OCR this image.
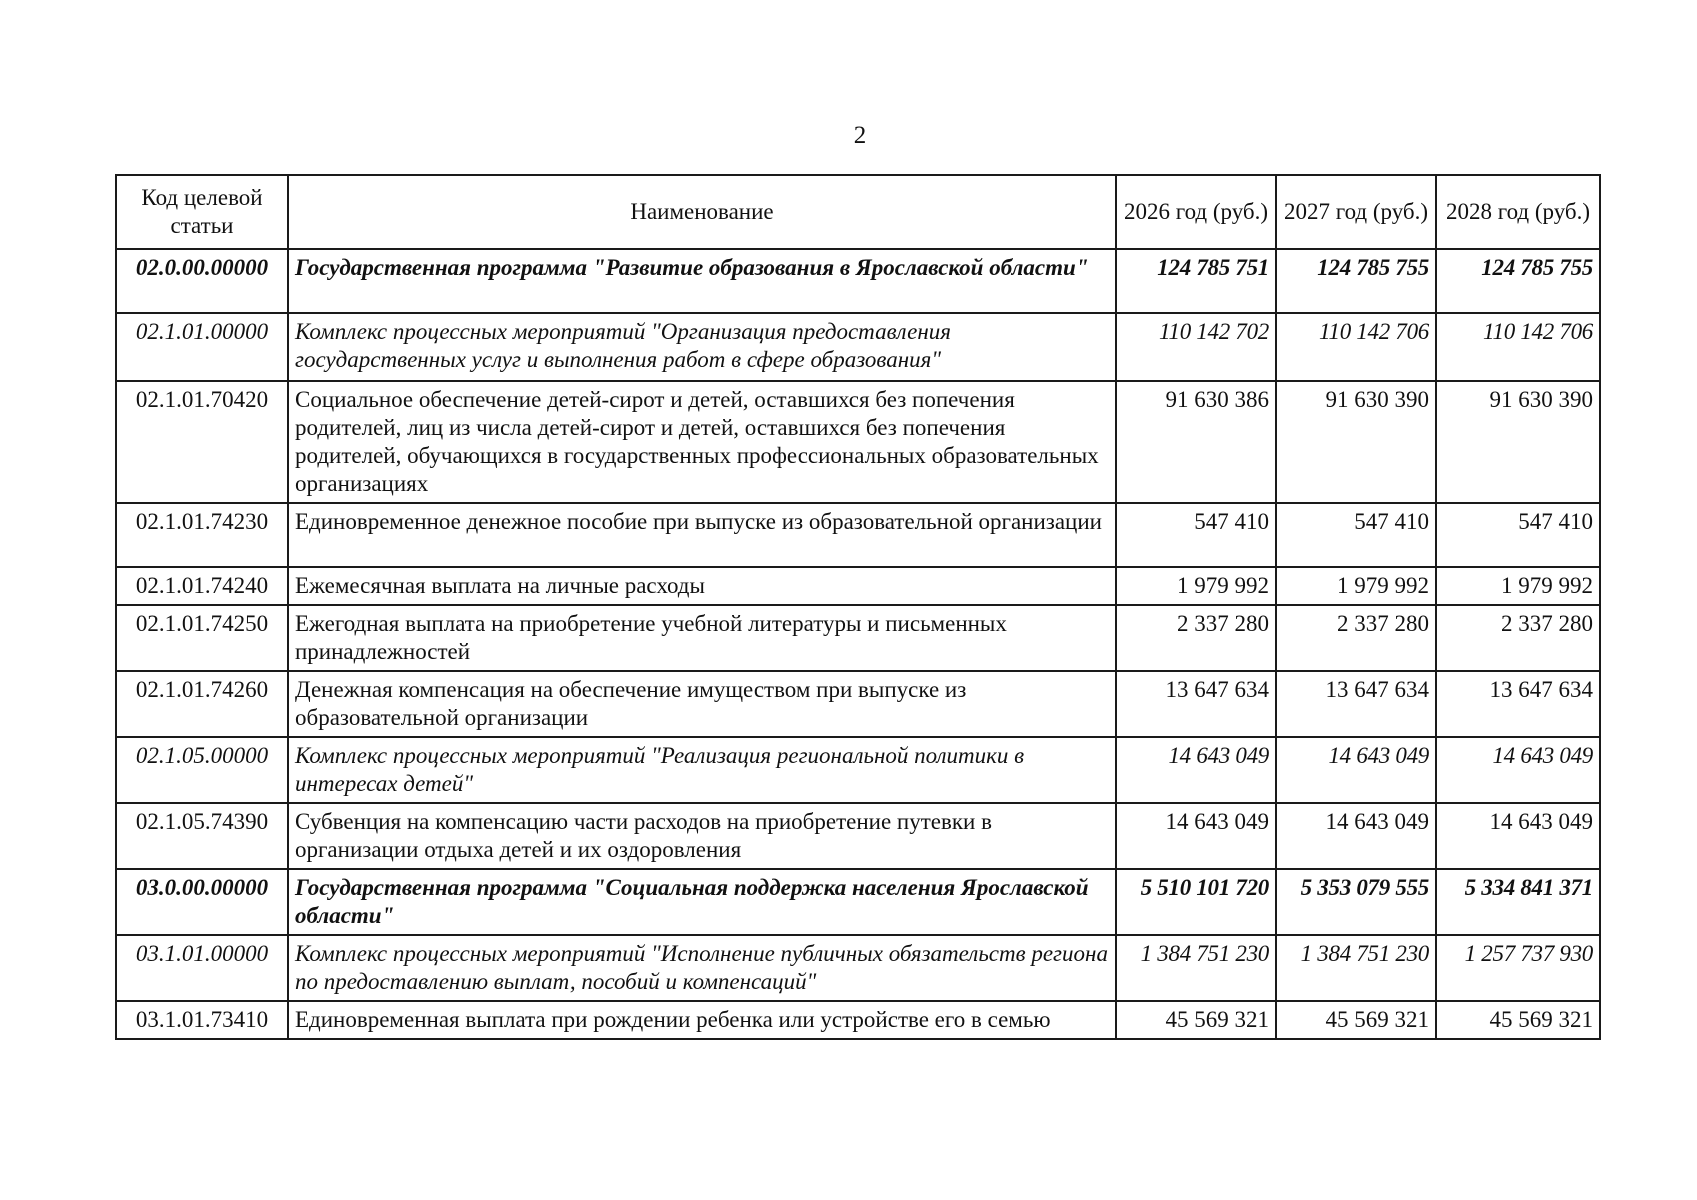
2
Код целевой статьи	Наименование	2026 год (руб.)	2027 год (руб.)	2028 год (руб.)
02.0.00.00000	Государственная программа "Развитие образования в Ярославской области"	124 785 751	124 785 755	124 785 755
02.1.01.00000	Комплекс процессных мероприятий "Организация предоставления государственных услуг и выполнения работ в сфере образования"	110 142 702	110 142 706	110 142 706
02.1.01.70420	Социальное обеспечение детей-сирот и детей, оставшихся без попечения родителей, лиц из числа детей-сирот и детей, оставшихся без попечения родителей, обучающихся в государственных профессиональных образовательных организациях	91 630 386	91 630 390	91 630 390
02.1.01.74230	Единовременное денежное пособие при выпуске из образовательной организации	547 410	547 410	547 410
02.1.01.74240	Ежемесячная выплата на личные расходы	1 979 992	1 979 992	1 979 992
02.1.01.74250	Ежегодная выплата на приобретение учебной литературы и письменных принадлежностей	2 337 280	2 337 280	2 337 280
02.1.01.74260	Денежная компенсация на обеспечение имуществом при выпуске из образовательной организации	13 647 634	13 647 634	13 647 634
02.1.05.00000	Комплекс процессных мероприятий "Реализация региональной политики в интересах детей"	14 643 049	14 643 049	14 643 049
02.1.05.74390	Субвенция на компенсацию части расходов на приобретение путевки в организации отдыха детей и их оздоровления	14 643 049	14 643 049	14 643 049
03.0.00.00000	Государственная программа "Социальная поддержка населения Ярославской области"	5 510 101 720	5 353 079 555	5 334 841 371
03.1.01.00000	Комплекс процессных мероприятий "Исполнение публичных обязательств региона по предоставлению выплат, пособий и компенсаций"	1 384 751 230	1 384 751 230	1 257 737 930
03.1.01.73410	Единовременная выплата при рождении ребенка или устройстве его в семью	45 569 321	45 569 321	45 569 321
